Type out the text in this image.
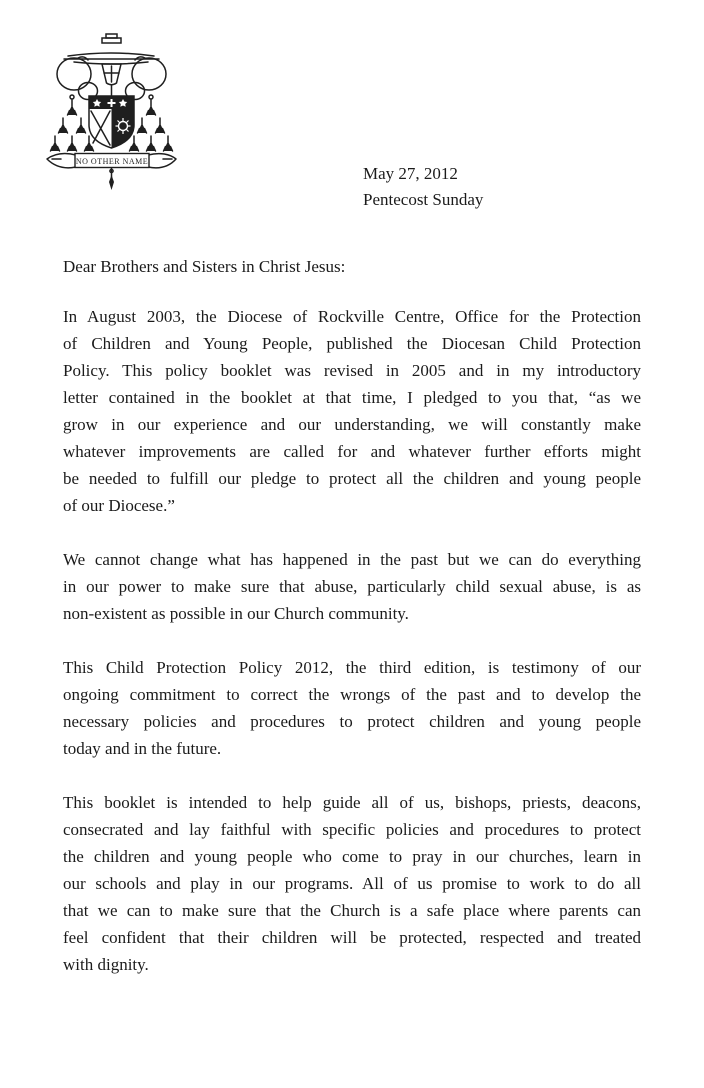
NO OTHER NAME
May 27, 2012
Pentecost Sunday
Dear Brothers and Sisters in Christ Jesus:
In August 2003, the Diocese of Rockville Centre, Office for the Protection
of Children and Young People, published the Diocesan Child Protection
Policy. This policy booklet was revised in 2005 and in my introductory
letter contained in the booklet at that time, I pledged to you that, “as we
grow in our experience and our understanding, we will constantly make
whatever improvements are called for and whatever further efforts might
be needed to fulfill our pledge to protect all the children and young people
of our Diocese.”
We cannot change what has happened in the past but we can do everything
in our power to make sure that abuse, particularly child sexual abuse, is as
non-existent as possible in our Church community.
This Child Protection Policy 2012, the third edition, is testimony of our
ongoing commitment to correct the wrongs of the past and to develop the
necessary policies and procedures to protect children and young people
today and in the future.
This booklet is intended to help guide all of us, bishops, priests, deacons,
consecrated and lay faithful with specific policies and procedures to protect
the children and young people who come to pray in our churches, learn in
our schools and play in our programs. All of us promise to work to do all
that we can to make sure that the Church is a safe place where parents can
feel confident that their children will be protected, respected and treated
with dignity.
